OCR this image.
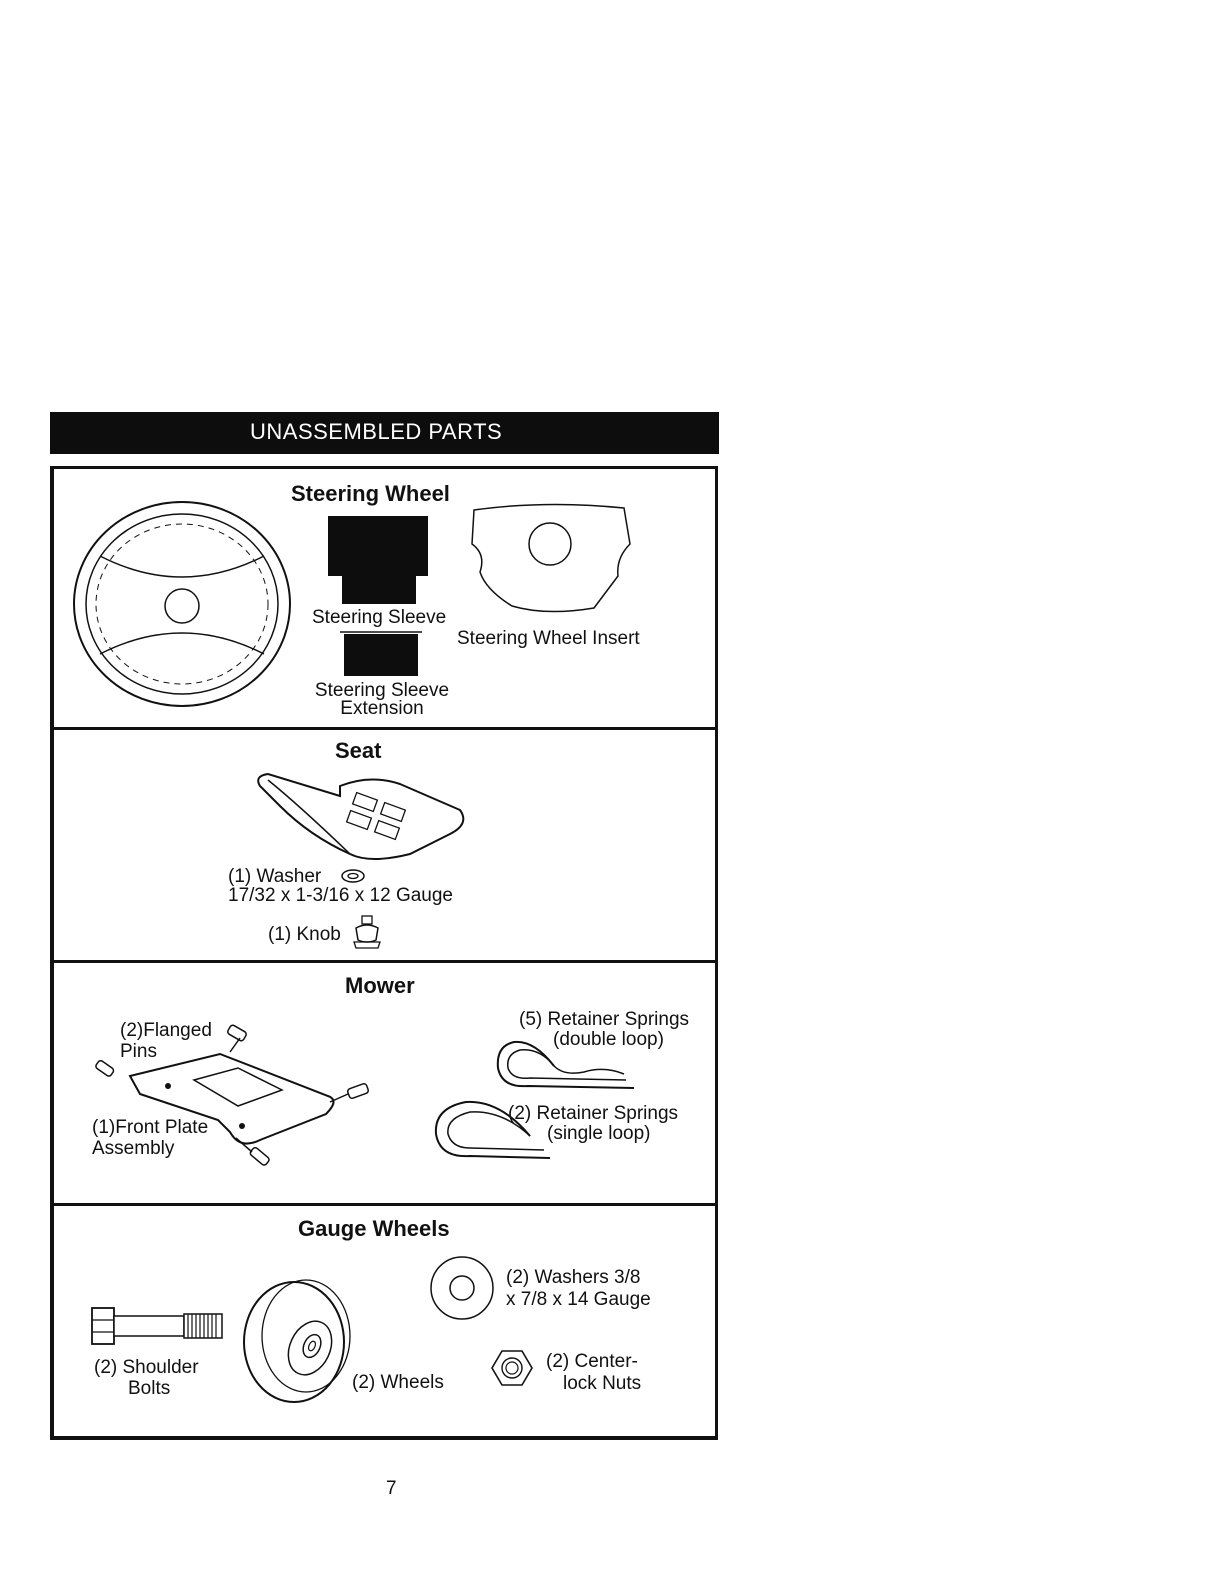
UNASSEMBLED PARTS
Steering Wheel
Steering Sleeve
Steering Sleeve
Extension
Steering Wheel Insert
Seat
(1) Washer
17/32 x 1-3/16 x 12 Gauge
(1) Knob
Mower
(2)Flanged
Pins
(1)Front Plate
Assembly
(5) Retainer Springs
(double loop)
(2) Retainer Springs
(single loop)
Gauge Wheels
(2) Washers 3/8
x 7/8 x 14 Gauge
(2) Shoulder
Bolts	(2) Wheels
(2) Center-
lock Nuts
7
